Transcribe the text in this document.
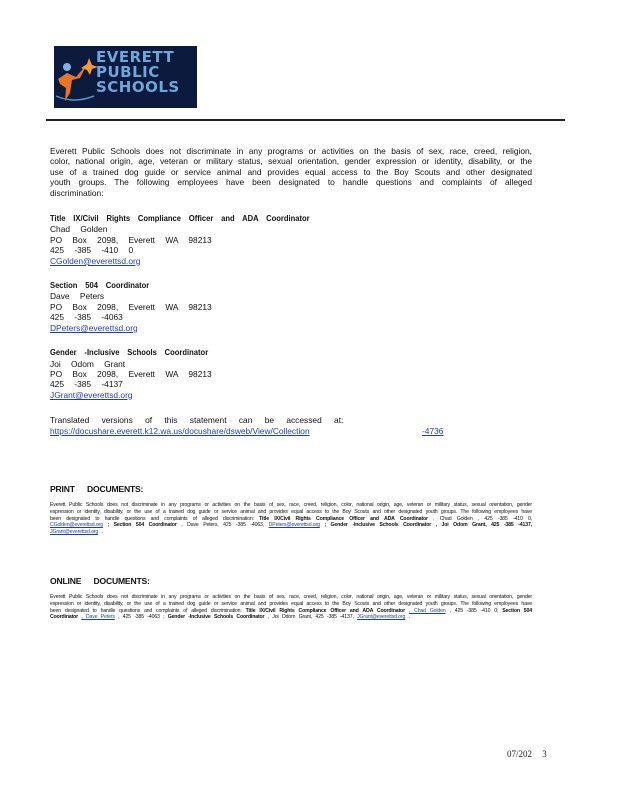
EVERETT
PUBLIC
SCHOOLS

Everett Public Schools does not discriminate in any programs or activities on the basis of sex, race, creed, religion, color, national origin, age, veteran or military status, sexual orientation, gender expression or identity, disability, or the use of a trained dog guide or service animal and provides equal access to the Boy Scouts and other designated youth groups. The following employees have been designated to handle questions and complaints of alleged discrimination:

Title IX/Civil Rights Compliance Officer and ADA Coordinator
Chad Golden
PO Box 2098, Everett WA 98213
425 -385 -410 0
CGolden@everettsd.org
Section 504 Coordinator
Dave Peters
PO Box 2098, Everett WA 98213
425 -385 -4063
DPeters@everettsd.org
Gender -Inclusive Schools Coordinator
Joi Odom Grant
PO Box 2098, Everett WA 98213
425 -385 -4137
JGrant@everettsd.org
Translated versions of this statement can be accessed at:
https://docushare.everett.k12.wa.us/docushare/dsweb/View/Collection	-4736
PRINT DOCUMENTS:
Everett Public Schools does not discriminate in any programs or activities on the basis of sex, race, creed, religion, color, national origin, age, veteran or military status, sexual orientation, gender expression or identity, disability, or the use of a trained dog guide or service animal and provides equal access to the Boy Scouts and other designated youth groups. The following employees have been designated to handle questions and complaints of alleged discrimination: Title IX/Civil Rights Compliance Officer and ADA Coordinator , Chad Golden , 425 -385 -410 0, CGolden@everettsd.org ; Section 504 Coordinator , Dave Peters, 425 -385 -4063, DPeters@everettsd.org ; Gender -Inclusive Schools Coordinator , Joi Odom Grant, 425 -385 -4137, JGrant@everettsd.org .
ONLINE DOCUMENTS:
Everett Public Schools does not discriminate in any programs or activities on the basis of sex, race, creed, religion, color, national origin, age, veteran or military status, sexual orientation, gender expression or identity, disability, or the use of a trained dog guide or service animal and provides equal access to the Boy Scouts and other designated youth groups. The following employees have been designated to handle questions and complaints of alleged discrimination: Title IX/Civil Rights Compliance Officer and ADA Coordinator , Chad Golden , 425 -385 -410 0; Section 504 Coordinator , Dave Peters , 425 -385 -4063 ; Gender -Inclusive Schools Coordinator , Joi Odom Grant, 425 -385 -4137, JGrant@everettsd.org .
07/202 3
